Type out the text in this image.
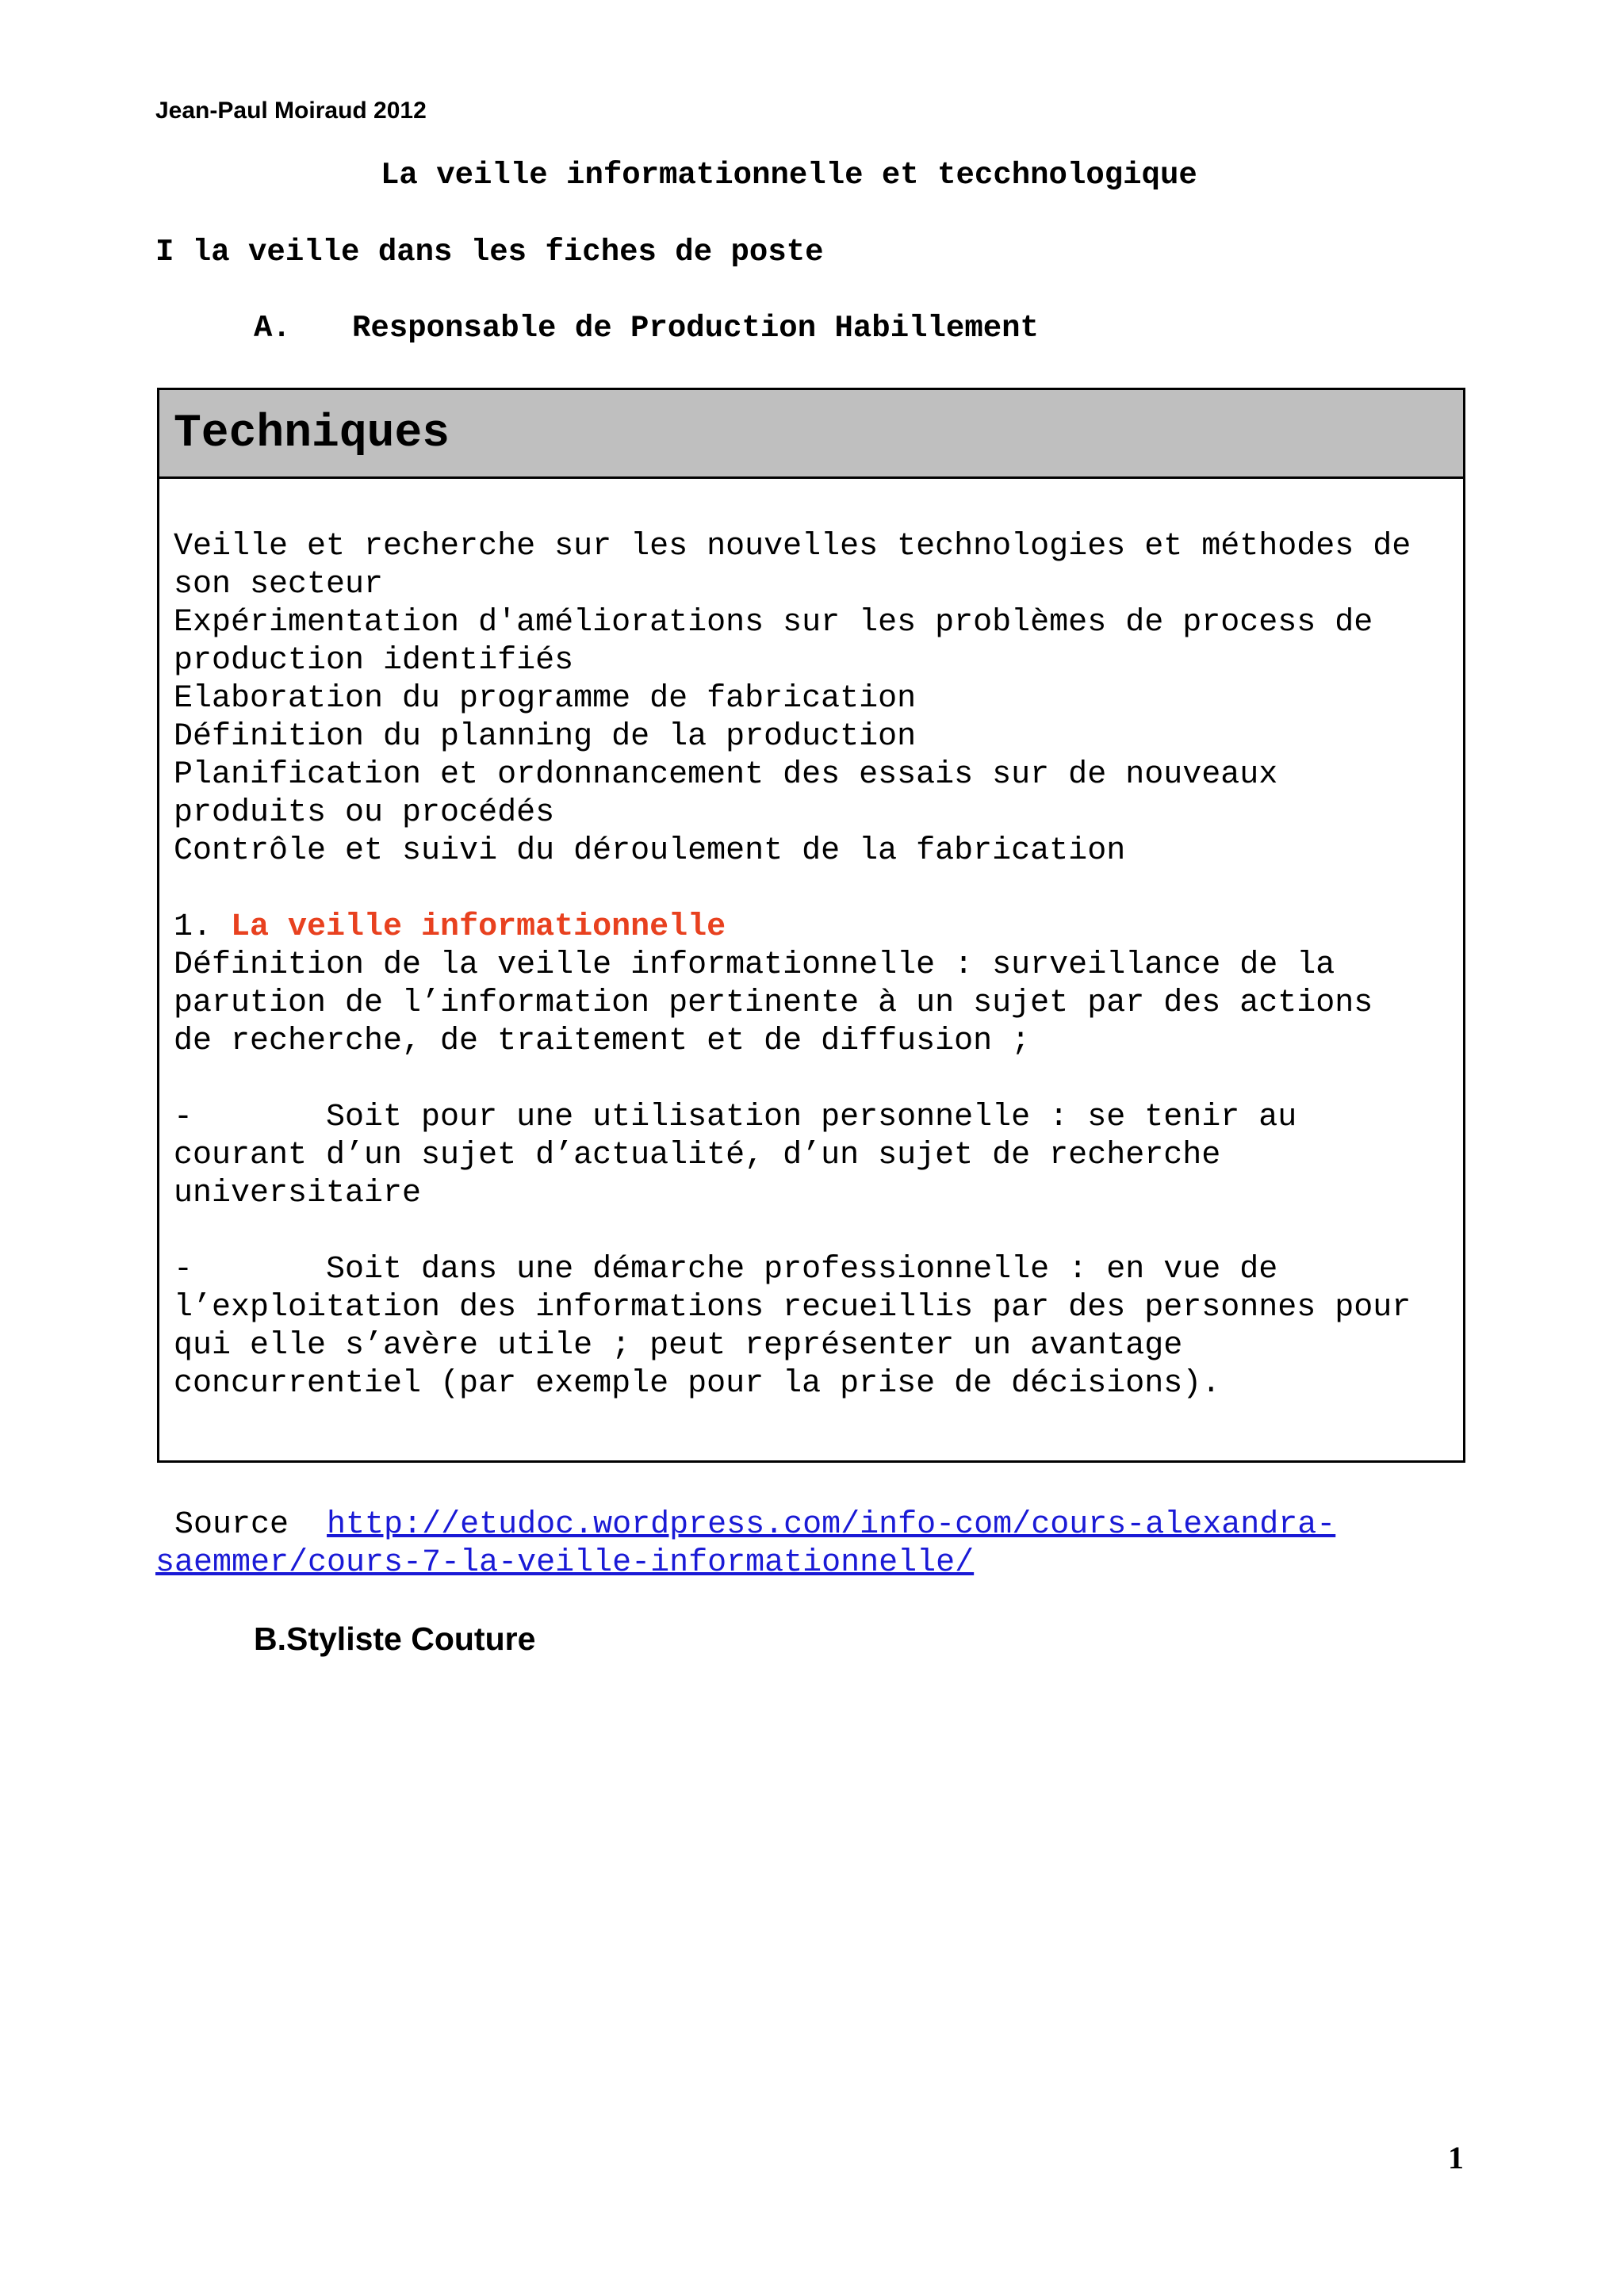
Jean-Paul Moiraud 2012
La veille informationnelle et tecchnologique
I la veille dans les fiches de poste
A. Responsable de Production Habillement
Techniques
Veille et recherche sur les nouvelles technologies et méthodes de
son secteur
Expérimentation d'améliorations sur les problèmes de process de
production identifiés
Elaboration du programme de fabrication
Définition du planning de la production
Planification et ordonnancement des essais sur de nouveaux
produits ou procédés
Contrôle et suivi du déroulement de la fabrication
1. La veille informationnelle
Définition de la veille informationnelle : surveillance de la
parution de l’information pertinente à un sujet par des actions
de recherche, de traitement et de diffusion ;
-       Soit pour une utilisation personnelle : se tenir au
courant d’un sujet d’actualité, d’un sujet de recherche
universitaire
-       Soit dans une démarche professionnelle : en vue de
l’exploitation des informations recueillis par des personnes pour
qui elle s’avère utile ; peut représenter un avantage
concurrentiel (par exemple pour la prise de décisions).
Source  http://etudoc.wordpress.com/info-com/cours-alexandra-
saemmer/cours-7-la-veille-informationnelle/
B.Styliste Couture
1
